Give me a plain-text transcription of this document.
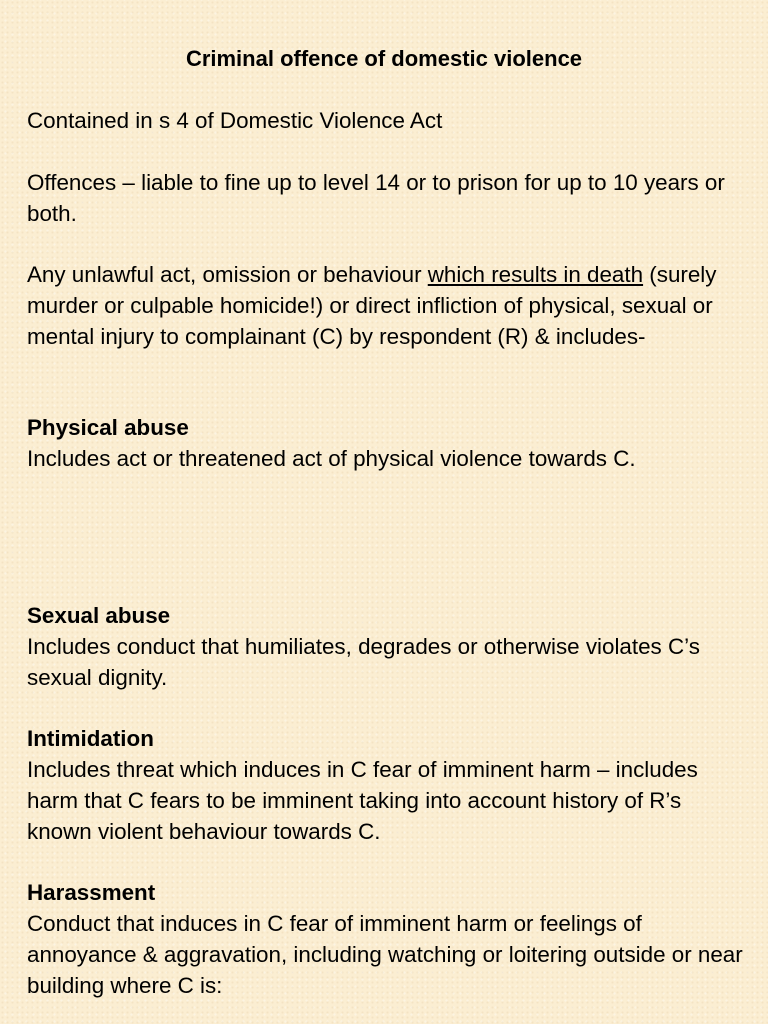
Criminal offence of domestic violence

Contained in s 4 of Domestic Violence Act

Offences – liable to fine up to level 14 or to prison for up to 10 years or both.

Any unlawful act, omission or behaviour which results in death (surely murder or culpable homicide!) or direct infliction of physical, sexual or mental injury to complainant (C) by respondent (R) & includes-

Physical abuse
Includes act or threatened act of physical violence towards C.
Sexual abuse
Includes conduct that humiliates, degrades or otherwise violates C’s sexual dignity.
Intimidation
Includes threat which induces in C fear of imminent harm – includes harm that C fears to be imminent taking into account history of R’s known violent behaviour towards C.
Harassment
Conduct that induces in C fear of imminent harm or feelings of annoyance & aggravation, including watching or loitering outside or near building where C is:
